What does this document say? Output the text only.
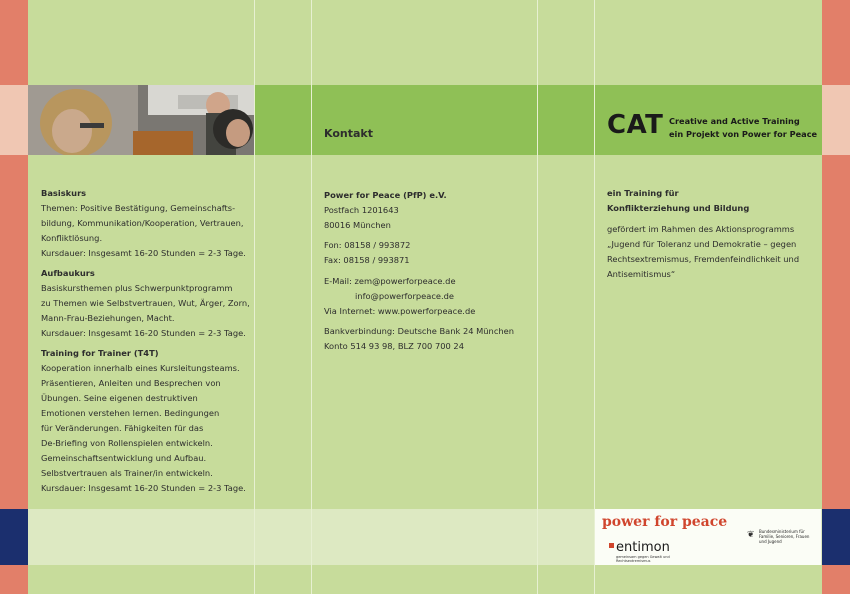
Basiskurs
Themen: Positive Bestätigung, Gemeinschafts-
bildung, Kommunikation/Kooperation, Vertrauen,
Konfliktlösung.
Kursdauer: Insgesamt 16-20 Stunden = 2-3 Tage.
Aufbaukurs
Basiskursthemen plus Schwerpunktprogramm
zu Themen wie Selbstvertrauen, Wut, Ärger, Zorn,
Mann-Frau-Beziehungen, Macht.
Kursdauer: Insgesamt 16-20 Stunden = 2-3 Tage.
Training for Trainer (T4T)
Kooperation innerhalb eines Kursleitungsteams.
Präsentieren, Anleiten und Besprechen von
Übungen. Seine eigenen destruktiven
Emotionen verstehen lernen. Bedingungen
für Veränderungen. Fähigkeiten für das
De-Briefing von Rollenspielen entwickeln.
Gemeinschaftsentwicklung und Aufbau.
Selbstvertrauen als Trainer/in entwickeln.
Kursdauer: Insgesamt 16-20 Stunden = 2-3 Tage.
Kontakt
Power for Peace (PfP) e.V.
Postfach 1201643
80016 München
Fon: 08158 / 993872
Fax: 08158 / 993871
E-Mail: zem@powerforpeace.de
info@powerforpeace.de
Via Internet: www.powerforpeace.de
Bankverbindung: Deutsche Bank 24 München
Konto 514 93 98, BLZ 700 700 24
CAT Creative and Active Training
ein Projekt von Power for Peace
ein Training für
Konflikterziehung und Bildung
gefördert im Rahmen des Aktionsprogramms
„Jugend für Toleranz und Demokratie – gegen
Rechtsextremismus, Fremdenfeindlichkeit und
Antisemitismus“
power for peace
entimon
gemeinsam gegen Gewalt und Rechtsextremismus
❦ Bundesministerium für Familie, Senioren, Frauen und Jugend
